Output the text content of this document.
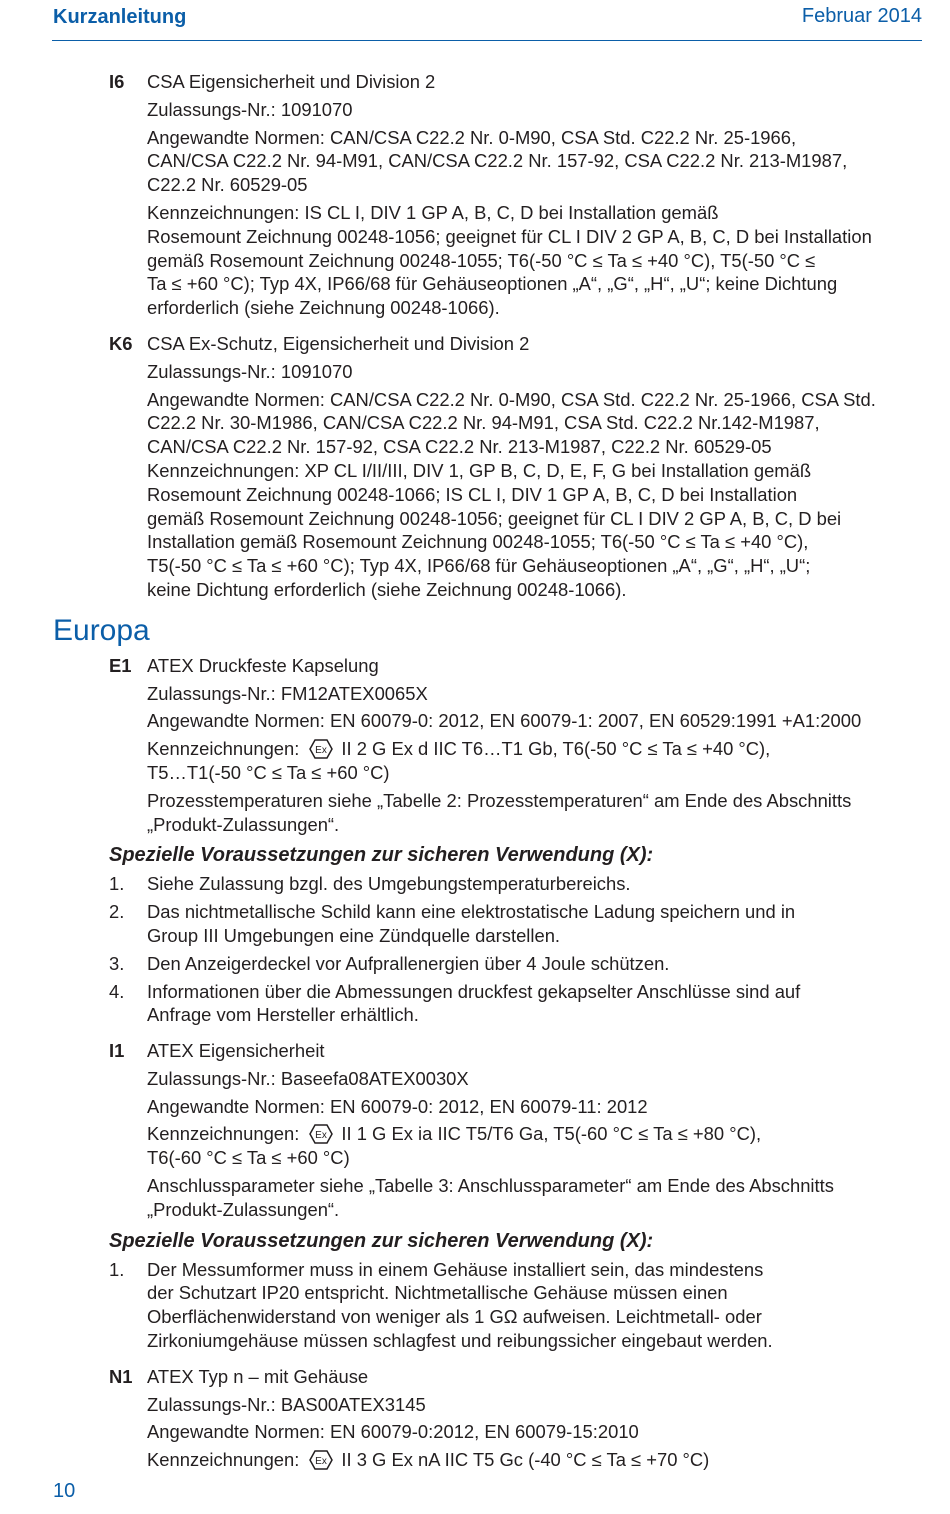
Kurzanleitung	Februar 2014
I6 CSA Eigensicherheit und Division 2
Zulassungs-Nr.: 1091070
Angewandte Normen: CAN/CSA C22.2 Nr. 0-M90, CSA Std. C22.2 Nr. 25-1966,
CAN/CSA C22.2 Nr. 94-M91, CAN/CSA C22.2 Nr. 157-92, CSA C22.2 Nr. 213-M1987,
C22.2 Nr. 60529-05
Kennzeichnungen: IS CL I, DIV 1 GP A, B, C, D bei Installation gemäß
Rosemount Zeichnung 00248-1056; geeignet für CL I DIV 2 GP A, B, C, D bei Installation
gemäß Rosemount Zeichnung 00248-1055; T6(-50 °C ≤ Ta ≤ +40 °C), T5(-50 °C ≤
Ta ≤ +60 °C); Typ 4X, IP66/68 für Gehäuseoptionen „A“, „G“, „H“, „U“; keine Dichtung
erforderlich (siehe Zeichnung 00248-1066).
K6 CSA Ex-Schutz, Eigensicherheit und Division 2
Zulassungs-Nr.: 1091070
Angewandte Normen: CAN/CSA C22.2 Nr. 0-M90, CSA Std. C22.2 Nr. 25-1966, CSA Std.
C22.2 Nr. 30-M1986, CAN/CSA C22.2 Nr. 94-M91, CSA Std. C22.2 Nr.142-M1987,
CAN/CSA C22.2 Nr. 157-92, CSA C22.2 Nr. 213-M1987, C22.2 Nr. 60529-05
Kennzeichnungen: XP CL I/II/III, DIV 1, GP B, C, D, E, F, G bei Installation gemäß
Rosemount Zeichnung 00248-1066; IS CL I, DIV 1 GP A, B, C, D bei Installation
gemäß Rosemount Zeichnung 00248-1056; geeignet für CL I DIV 2 GP A, B, C, D bei
Installation gemäß Rosemount Zeichnung 00248-1055; T6(-50 °C ≤ Ta ≤ +40 °C),
T5(-50 °C ≤ Ta ≤ +60 °C); Typ 4X, IP66/68 für Gehäuseoptionen „A“, „G“, „H“, „U“;
keine Dichtung erforderlich (siehe Zeichnung 00248-1066).
Europa
E1 ATEX Druckfeste Kapselung
Zulassungs-Nr.: FM12ATEX0065X
Angewandte Normen: EN 60079-0: 2012, EN 60079-1: 2007, EN 60529:1991 +A1:2000
Kennzeichnungen: Ex II 2 G Ex d IIC T6…T1 Gb, T6(-50 °C ≤ Ta ≤ +40 °C),
T5…T1(-50 °C ≤ Ta ≤ +60 °C)
Prozesstemperaturen siehe „Tabelle 2: Prozesstemperaturen“ am Ende des Abschnitts
„Produkt-Zulassungen“.
Spezielle Voraussetzungen zur sicheren Verwendung (X):
1. Siehe Zulassung bzgl. des Umgebungstemperaturbereichs.
2. Das nichtmetallische Schild kann eine elektrostatische Ladung speichern und in
Group III Umgebungen eine Zündquelle darstellen.
3. Den Anzeigerdeckel vor Aufprallenergien über 4 Joule schützen.
4. Informationen über die Abmessungen druckfest gekapselter Anschlüsse sind auf
Anfrage vom Hersteller erhältlich.
I1 ATEX Eigensicherheit
Zulassungs-Nr.: Baseefa08ATEX0030X
Angewandte Normen: EN 60079-0: 2012, EN 60079-11: 2012
Kennzeichnungen: Ex II 1 G Ex ia IIC T5/T6 Ga, T5(-60 °C ≤ Ta ≤ +80 °C),
T6(-60 °C ≤ Ta ≤ +60 °C)
Anschlussparameter siehe „Tabelle 3: Anschlussparameter“ am Ende des Abschnitts
„Produkt-Zulassungen“.
Spezielle Voraussetzungen zur sicheren Verwendung (X):
1. Der Messumformer muss in einem Gehäuse installiert sein, das mindestens
der Schutzart IP20 entspricht. Nichtmetallische Gehäuse müssen einen
Oberflächenwiderstand von weniger als 1 GΩ aufweisen. Leichtmetall- oder
Zirkoniumgehäuse müssen schlagfest und reibungssicher eingebaut werden.
N1 ATEX Typ n – mit Gehäuse
Zulassungs-Nr.: BAS00ATEX3145
Angewandte Normen: EN 60079-0:2012, EN 60079-15:2010
Kennzeichnungen: Ex II 3 G Ex nA IIC T5 Gc (-40 °C ≤ Ta ≤ +70 °C)
10
